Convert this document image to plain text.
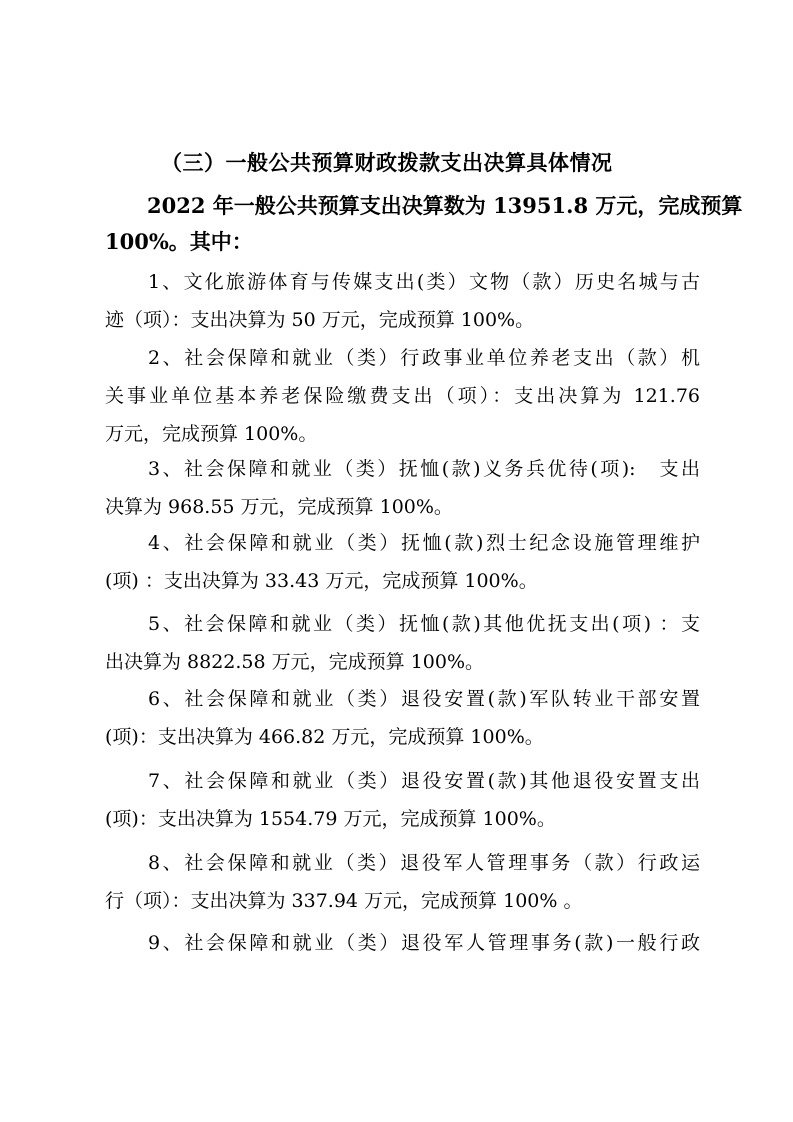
（三）一般公共预算财政拨款支出决算具体情况
2022 年一般公共预算支出决算数为 13951.8 万元，完成预算
100%。其中：
1、文化旅游体育与传媒支出(类）文物（款）历史名城与古
迹（项）：支出决算为 50 万元，完成预算 100%。
2、社会保障和就业（类）行政事业单位养老支出（款）机
关事业单位基本养老保险缴费支出（项）：支出决算为 121.76
万元，完成预算 100%。
3、社会保障和就业（类）抚恤(款)义务兵优待(项):　支出
决算为 968.55 万元，完成预算 100%。
4、社会保障和就业（类）抚恤(款)烈士纪念设施管理维护
(项) ：支出决算为 33.43 万元，完成预算 100%。
5、社会保障和就业（类）抚恤(款)其他优抚支出(项) ：支
出决算为 8822.58 万元，完成预算 100%。
6、社会保障和就业（类）退役安置(款)军队转业干部安置
(项)：支出决算为 466.82 万元，完成预算 100%。
7、社会保障和就业（类）退役安置(款)其他退役安置支出
(项)：支出决算为 1554.79 万元，完成预算 100%。
8、社会保障和就业（类）退役军人管理事务（款）行政运
行（项）：支出决算为 337.94 万元，完成预算 100% 。
9、社会保障和就业（类）退役军人管理事务(款)一般行政
